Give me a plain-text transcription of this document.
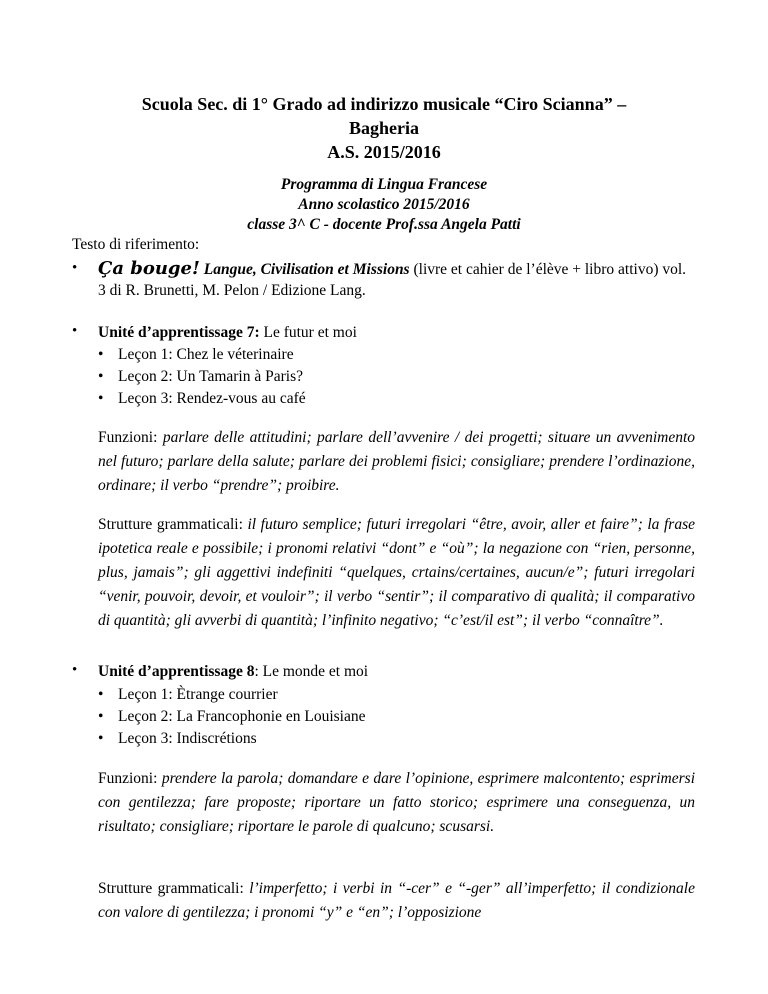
Scuola Sec. di 1° Grado ad indirizzo musicale “Ciro Scianna” –
Bagheria
A.S. 2015/2016
Programma di Lingua Francese
Anno scolastico 2015/2016
classe 3^ C - docente Prof.ssa Angela Patti
Testo di riferimento:
• Ça bouge! Langue, Civilisation et Missions (livre et cahier de l’élève + libro attivo) vol. 3 di R. Brunetti, M. Pelon / Edizione Lang.
• Unité d’apprentissage 7: Le futur et moi
• Leçon 1: Chez le véterinaire
• Leçon 2: Un Tamarin à Paris?
• Leçon 3: Rendez-vous au café
Funzioni: parlare delle attitudini; parlare dell’avvenire / dei progetti; situare un avvenimento nel futuro; parlare della salute; parlare dei problemi fisici; consigliare; prendere l’ordinazione, ordinare; il verbo “prendre”; proibire.
Strutture grammaticali: il futuro semplice; futuri irregolari “être, avoir, aller et faire”; la frase ipotetica reale e possibile; i pronomi relativi “dont” e “où”; la negazione con “rien, personne, plus, jamais”; gli aggettivi indefiniti “quelques, crtains/certaines, aucun/e”; futuri irregolari “venir, pouvoir, devoir, et vouloir”; il verbo “sentir”; il comparativo di qualità; il comparativo di quantità; gli avverbi di quantità; l’infinito negativo; “c’est/il est”; il verbo “connaître”.
• Unité d’apprentissage 8: Le monde et moi
• Leçon 1: Ètrange courrier
• Leçon 2: La Francophonie en Louisiane
• Leçon 3: Indiscrétions
Funzioni: prendere la parola; domandare e dare l’opinione, esprimere malcontento; esprimersi con gentilezza; fare proposte; riportare un fatto storico; esprimere una conseguenza, un risultato; consigliare; riportare le parole di qualcuno; scusarsi.
Strutture grammaticali: l’imperfetto; i verbi in “-cer” e “-ger” all’imperfetto; il condizionale con valore di gentilezza; i pronomi “y” e “en”; l’opposizione
